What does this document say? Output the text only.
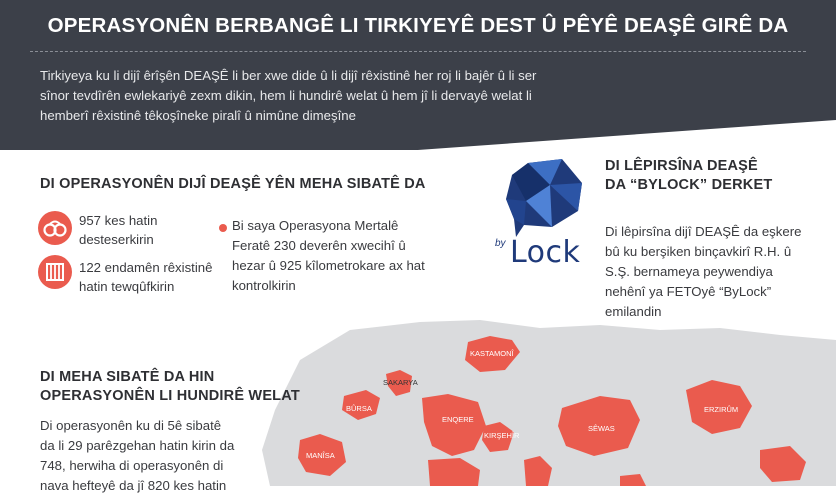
OPERASYONÊN BERBANGÊ LI TIRKIYEYÊ DEST Û PÊYÊ DEAŞÊ GIRÊ DA
Tirkiyeya ku li dijî êrîşên DEAŞÊ li ber xwe dide û li dijî rêxistinê her roj li bajêr û li ser
sînor tevdîrên ewlekariyê zexm dikin, hem li hundirê welat û hem jî li dervayê welat li
hemberî rêxistinê têkoşîneke piralî û nimûne dimeşîne
KASTAMONÎ
SAKARYA
BÛRSA
ENQERE
KIRŞEHÎR
SÊWAS
ERZIRÛM
MANÎSA
DI OPERASYONÊN DIJÎ DEAŞÊ YÊN MEHA SIBATÊ DA
957 kes hatin
desteserkirin
122 endamên rêxistinê
hatin tewqûfkirin
Bi saya Operasyona Mertalê
Feratê 230 deverên xwecihî û
hezar û 925 kîlometrokare ax hat
kontrolkirin
by Lock
DI LÊPIRSÎNA DEAŞÊ
DA “BYLOCK” DERKET
Di lêpirsîna dijî DEAŞÊ da eşkere
bû ku berşiken binçavkirî R.H. û
S.Ş. bernameya peywendiya
nehênî ya FETOyê “ByLock”
emilandin
DI MEHA SIBATÊ DA HIN
OPERASYONÊN LI HUNDIRÊ WELAT
Di operasyonên ku di 5ê sibatê
da li 29 parêzgehan hatin kirin da
748, herwiha di operasyonên di
nava hefteyê da jî 820 kes hatin
